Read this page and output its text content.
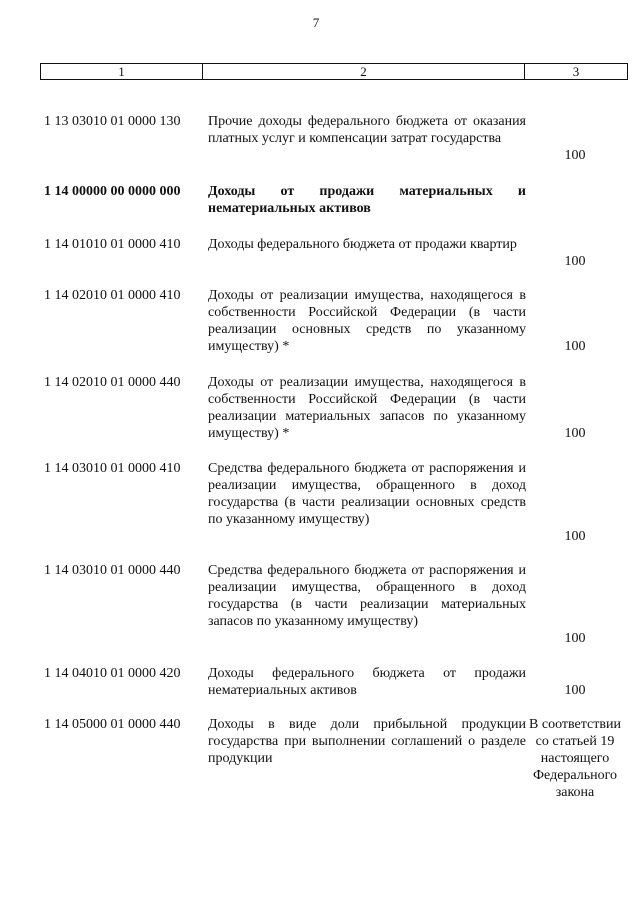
7
1	2	3
1 13 03010 01 0000 130	Прочие доходы федерального бюджета от оказания платных услуг и компенсации затрат государства
100
1 14 00000 00 0000 000	Доходы от продажи материальных и нематериальных активов
1 14 01010 01 0000 410	Доходы федерального бюджета от продажи квартир
100
1 14 02010 01 0000 410	Доходы от реализации имущества, находящегося в собственности Российской Федерации (в части реализации основных средств по указанному имуществу) *	100
1 14 02010 01 0000 440	Доходы от реализации имущества, находящегося в собственности Российской Федерации (в части реализации материальных запасов по указанному имуществу) *	100
1 14 03010 01 0000 410	Средства федерального бюджета от распоряжения и реализации имущества, обращенного в доход государства (в части реализации основных средств по указанному имуществу)
100
1 14 03010 01 0000 440	Средства федерального бюджета от распоряжения и реализации имущества, обращенного в доход государства (в части реализации материальных запасов по указанному имуществу)
100
1 14 04010 01 0000 420	Доходы федерального бюджета от продажи нематериальных активов	100
1 14 05000 01 0000 440	Доходы в виде доли прибыльной продукции государства при выполнении соглашений о разделе продукции
В соответствии со статьей 19 настоящего Федерального закона
